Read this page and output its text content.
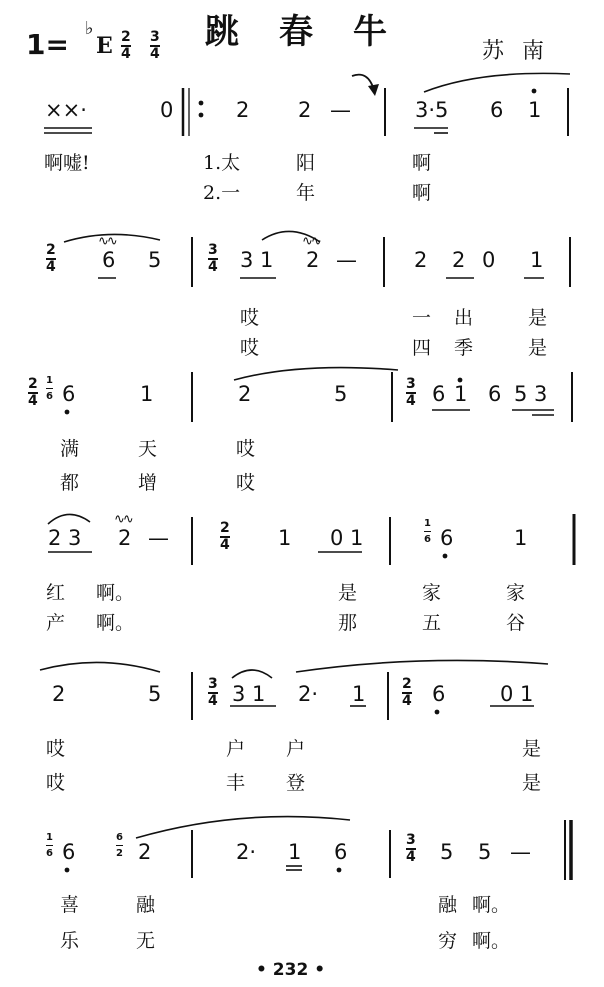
跳春牛	苏南
1= ♭
E 2
4
3
4
××·	0	2 2 —	3·5 6 1
啊嘘!	1.太	阳	啊
2.一	年	啊
2
4
∿∿
6 5	3
4 3 1
∿∿
2 —	2 2 0 1
哎	一 出	是
哎	四 季	是
2
4
1
6 6	1	2	5	3
4 6 1 6 5 3
满	天	哎
都	增	哎
2 3
∿∿
2 —	2
4 1 0 1
1
6 6	1
红 啊。	是	家	家
产 啊。	那	五	谷
2	5	3
4 3 1 2· 1	2
4 6	0 1
哎	户 户	是
哎	丰 登	是
1
6 6
6
2 2	2· 1 6	3
4 5 5 —
喜	融	融 啊。
乐	无	穷 啊。
• 232 •
